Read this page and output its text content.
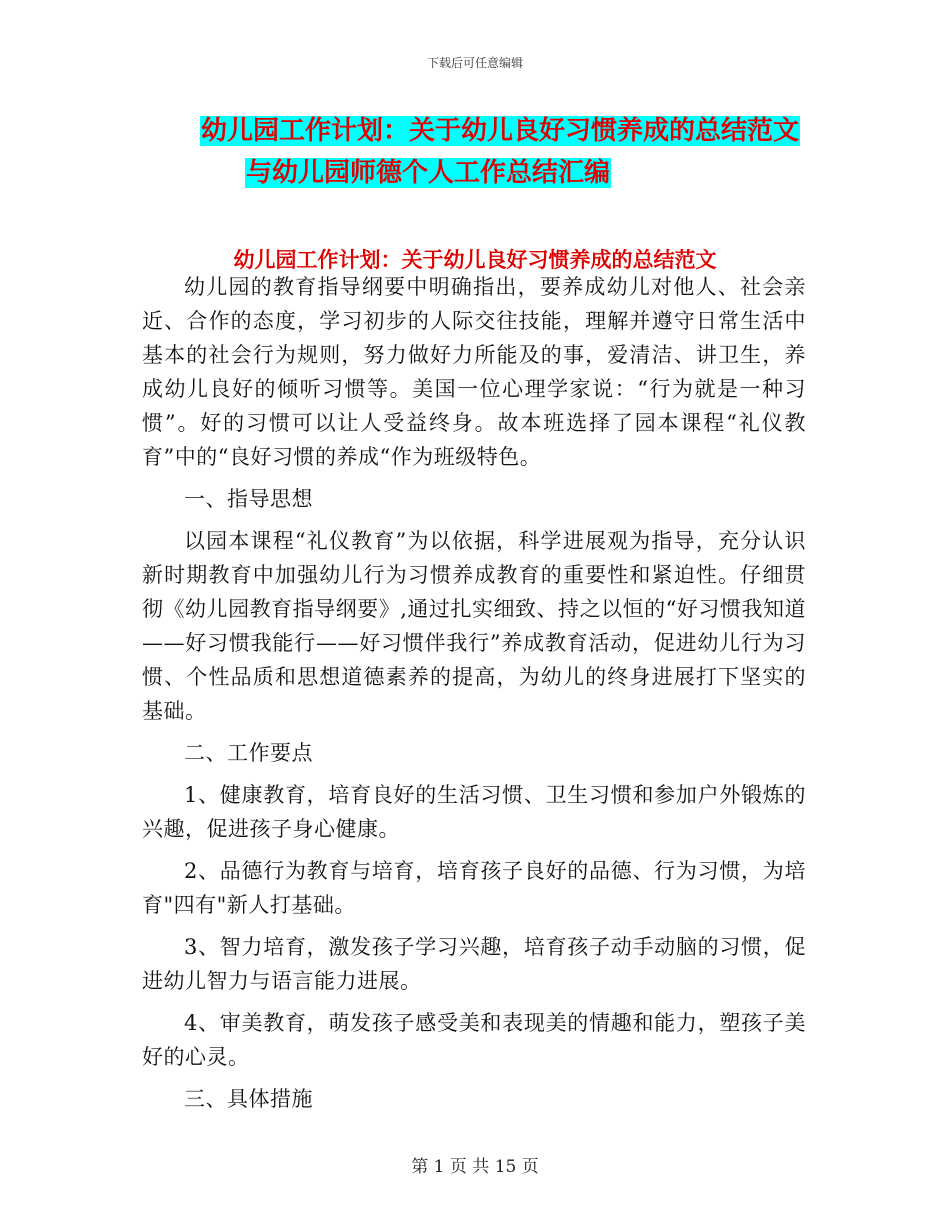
下载后可任意编辑
幼儿园工作计划：关于幼儿良好习惯养成的总结范文
与幼儿园师德个人工作总结汇编
幼儿园工作计划：关于幼儿良好习惯养成的总结范文

幼儿园的教育指导纲要中明确指出，要养成幼儿对他人、社会亲近、合作的态度，学习初步的人际交往技能，理解并遵守日常生活中基本的社会行为规则，努力做好力所能及的事，爱清洁、讲卫生，养成幼儿良好的倾听习惯等。美国一位心理学家说：“行为就是一种习惯”。好的习惯可以让人受益终身。故本班选择了园本课程“礼仪教育”中的“良好习惯的养成“作为班级特色。

一、指导思想

以园本课程“礼仪教育”为以依据，科学进展观为指导，充分认识新时期教育中加强幼儿行为习惯养成教育的重要性和紧迫性。仔细贯彻《幼儿园教育指导纲要》,通过扎实细致、持之以恒的“好习惯我知道——好习惯我能行——好习惯伴我行”养成教育活动，促进幼儿行为习惯、个性品质和思想道德素养的提高，为幼儿的终身进展打下坚实的基础。

二、工作要点

1、健康教育，培育良好的生活习惯、卫生习惯和参加户外锻炼的兴趣，促进孩子身心健康。

2、品德行为教育与培育，培育孩子良好的品德、行为习惯，为培育"四有"新人打基础。

3、智力培育，激发孩子学习兴趣，培育孩子动手动脑的习惯，促进幼儿智力与语言能力进展。

4、审美教育，萌发孩子感受美和表现美的情趣和能力，塑孩子美好的心灵。

三、具体措施

第 1 页 共 15 页
